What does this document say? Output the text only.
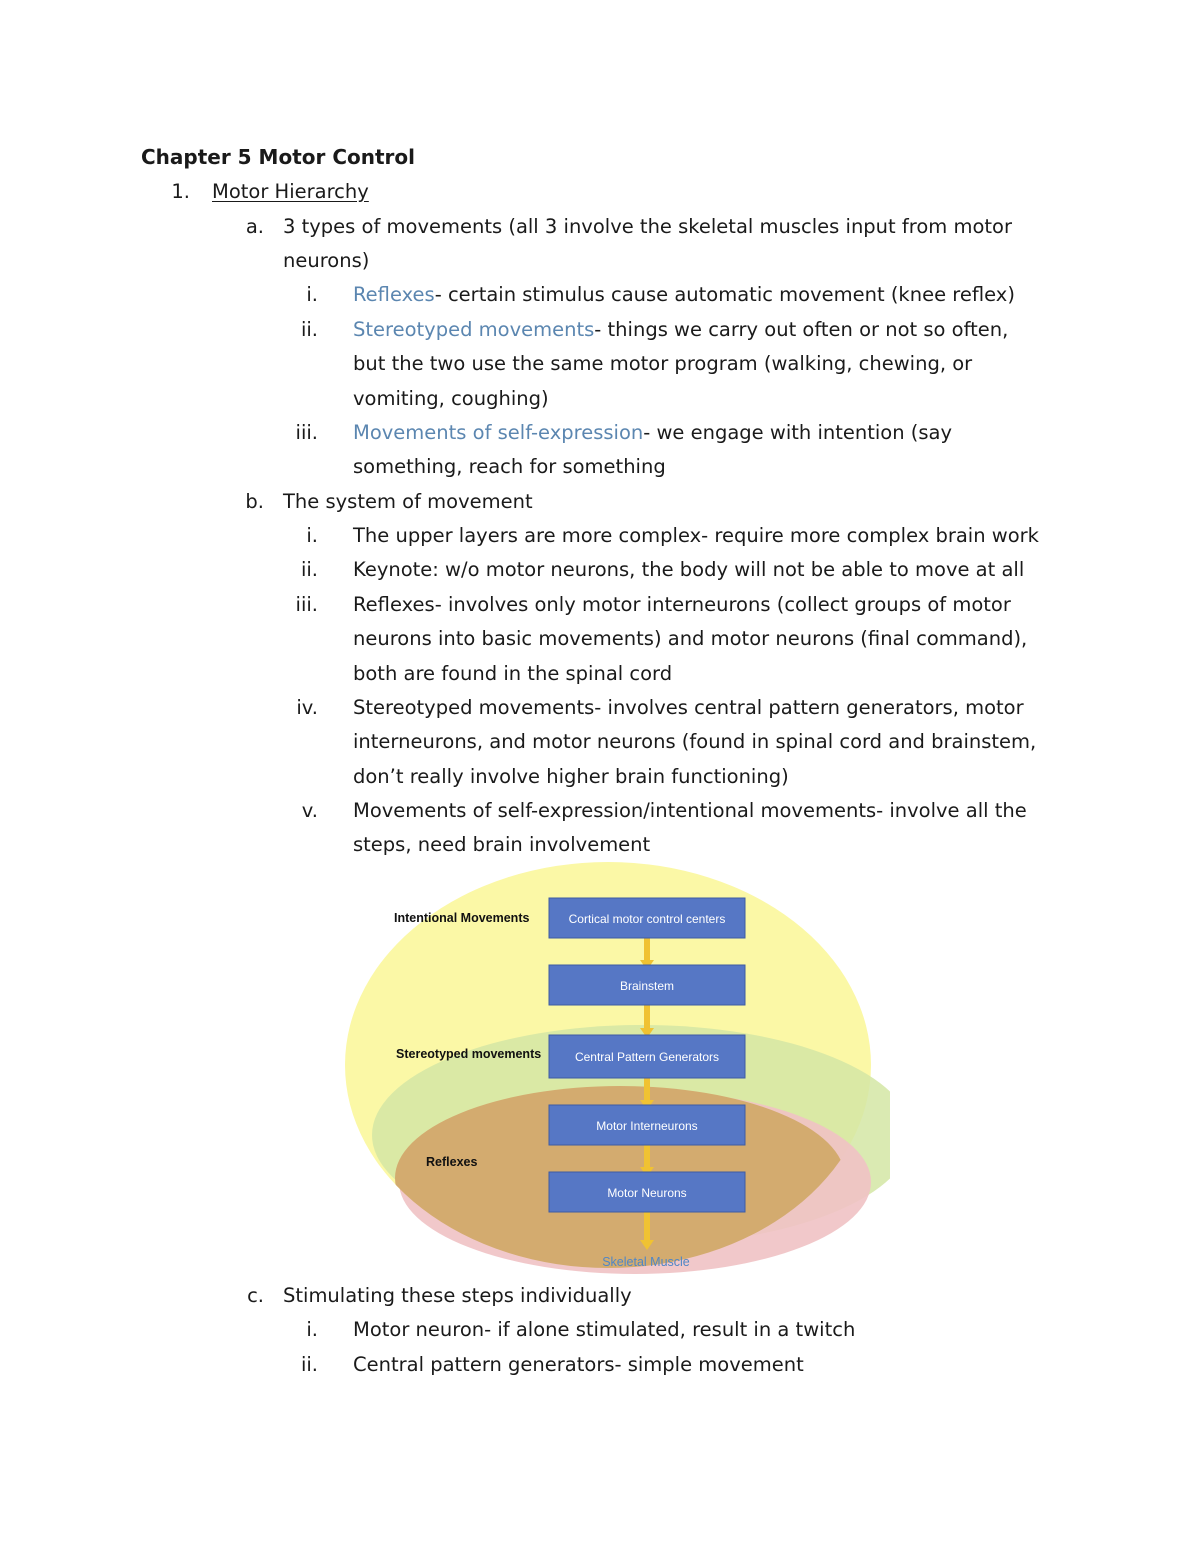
Chapter 5 Motor Control
1. Motor Hierarchy
a. 3 types of movements (all 3 involve the skeletal muscles input from motor
neurons)
i. Reflexes- certain stimulus cause automatic movement (knee reflex)
ii. Stereotyped movements- things we carry out often or not so often,
but the two use the same motor program (walking, chewing, or
vomiting, coughing)
iii. Movements of self-expression- we engage with intention (say
something, reach for something
b. The system of movement
i. The upper layers are more complex- require more complex brain work
ii. Keynote: w/o motor neurons, the body will not be able to move at all
iii. Reflexes- involves only motor interneurons (collect groups of motor
neurons into basic movements) and motor neurons (final command),
both are found in the spinal cord
iv. Stereotyped movements- involves central pattern generators, motor
interneurons, and motor neurons (found in spinal cord and brainstem,
don’t really involve higher brain functioning)
v. Movements of self-expression/intentional movements- involve all the
steps, need brain involvement
Intentional Movements
Stereotyped movements
Reflexes
Cortical motor control centers
Brainstem
Central Pattern Generators
Motor Interneurons
Motor Neurons
Skeletal Muscle
c. Stimulating these steps individually
i. Motor neuron- if alone stimulated, result in a twitch
ii. Central pattern generators- simple movement
